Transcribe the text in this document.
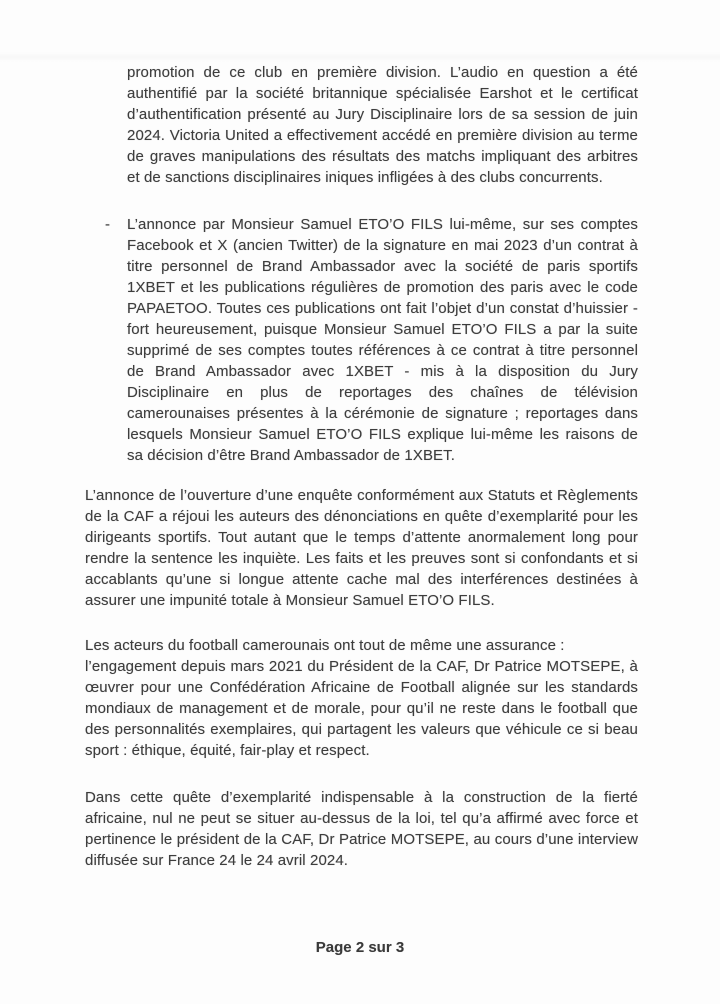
promotion de ce club en première division. L’audio en question a été authentifié par la société britannique spécialisée Earshot et le certificat d’authentification présenté au Jury Disciplinaire lors de sa session de juin 2024. Victoria United a effectivement accédé en première division au terme de graves manipulations des résultats des matchs impliquant des arbitres et de sanctions disciplinaires iniques infligées à des clubs concurrents.

- L’annonce par Monsieur Samuel ETO’O FILS lui-même, sur ses comptes Facebook et X (ancien Twitter) de la signature en mai 2023 d’un contrat à titre personnel de Brand Ambassador avec la société de paris sportifs 1XBET et les publications régulières de promotion des paris avec le code PAPAETOO. Toutes ces publications ont fait l’objet d’un constat d’huissier - fort heureusement, puisque Monsieur Samuel ETO’O FILS a par la suite supprimé de ses comptes toutes références à ce contrat à titre personnel de Brand Ambassador avec 1XBET - mis à la disposition du Jury Disciplinaire en plus de reportages des chaînes de télévision camerounaises présentes à la cérémonie de signature ; reportages dans lesquels Monsieur Samuel ETO’O FILS explique lui-même les raisons de sa décision d’être Brand Ambassador de 1XBET.

L’annonce de l’ouverture d’une enquête conformément aux Statuts et Règlements de la CAF a réjoui les auteurs des dénonciations en quête d’exemplarité pour les dirigeants sportifs. Tout autant que le temps d’attente anormalement long pour rendre la sentence les inquiète. Les faits et les preuves sont si confondants et si accablants qu’une si longue attente cache mal des interférences destinées à assurer une impunité totale à Monsieur Samuel ETO’O FILS.

Les acteurs du football camerounais ont tout de même une assurance :
l’engagement depuis mars 2021 du Président de la CAF, Dr Patrice MOTSEPE, à œuvrer pour une Confédération Africaine de Football alignée sur les standards mondiaux de management et de morale, pour qu’il ne reste dans le football que des personnalités exemplaires, qui partagent les valeurs que véhicule ce si beau sport : éthique, équité, fair-play et respect.

Dans cette quête d’exemplarité indispensable à la construction de la fierté africaine, nul ne peut se situer au-dessus de la loi, tel qu’a affirmé avec force et pertinence le président de la CAF, Dr Patrice MOTSEPE, au cours d’une interview diffusée sur France 24 le 24 avril 2024.

Page 2 sur 3
